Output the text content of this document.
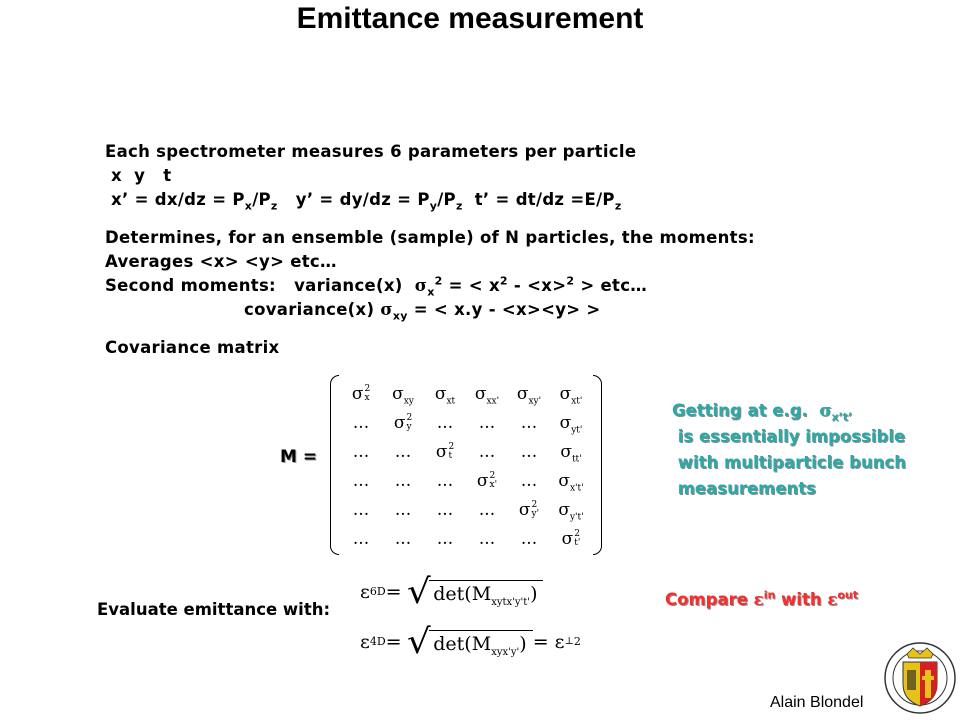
Emittance measurement
Each spectrometer measures 6 parameters per particle
x  y   t
x’ = $dx/dz = P_x/P_z$   y’ = $dy/dz = P_y/P_z$  t’ = $dt/dz =E/P_z$
Determines, for an ensemble (sample) of N particles, the moments:
Averages <x> <y> etc…
Second moments:   variance(x)  $\sigma_x^2$ = < $x^2 - <x>^2$ > etc…
covariance(x) $\sigma_{xy}$ = < x.y - <x><y> >
Covariance matrix
M =
σ 2
x $\sigma_{xy}$ $\sigma_{xt}$ $\sigma_{xx'}$ $\sigma_{xy'}$ $\sigma_{xt'}$
... σ 2
y ... ... ... $\sigma_{yt'}$
... ... σ 2
t ... ... $\sigma_{tt'}$
... ... ... σ 2
x' ... $\sigma_{x't'}$
... ... ... ... σ 2
y' $\sigma_{y't'}$
... ... ... ... ... σ 2
t'
Getting at e.g.  $\sigma_{x’t’}$
is essentially impossible
with multiparticle bunch
measurements
Compare $\varepsilon^{in}$ with $\varepsilon^{out}$
Evaluate emittance with:
ε 6D = √ $\det(M_{xytx'y't'})$
ε 4D = √ $\det(M_{xyx'y'}) = \varepsilon$ ⊥ 2
Alain Blondel
